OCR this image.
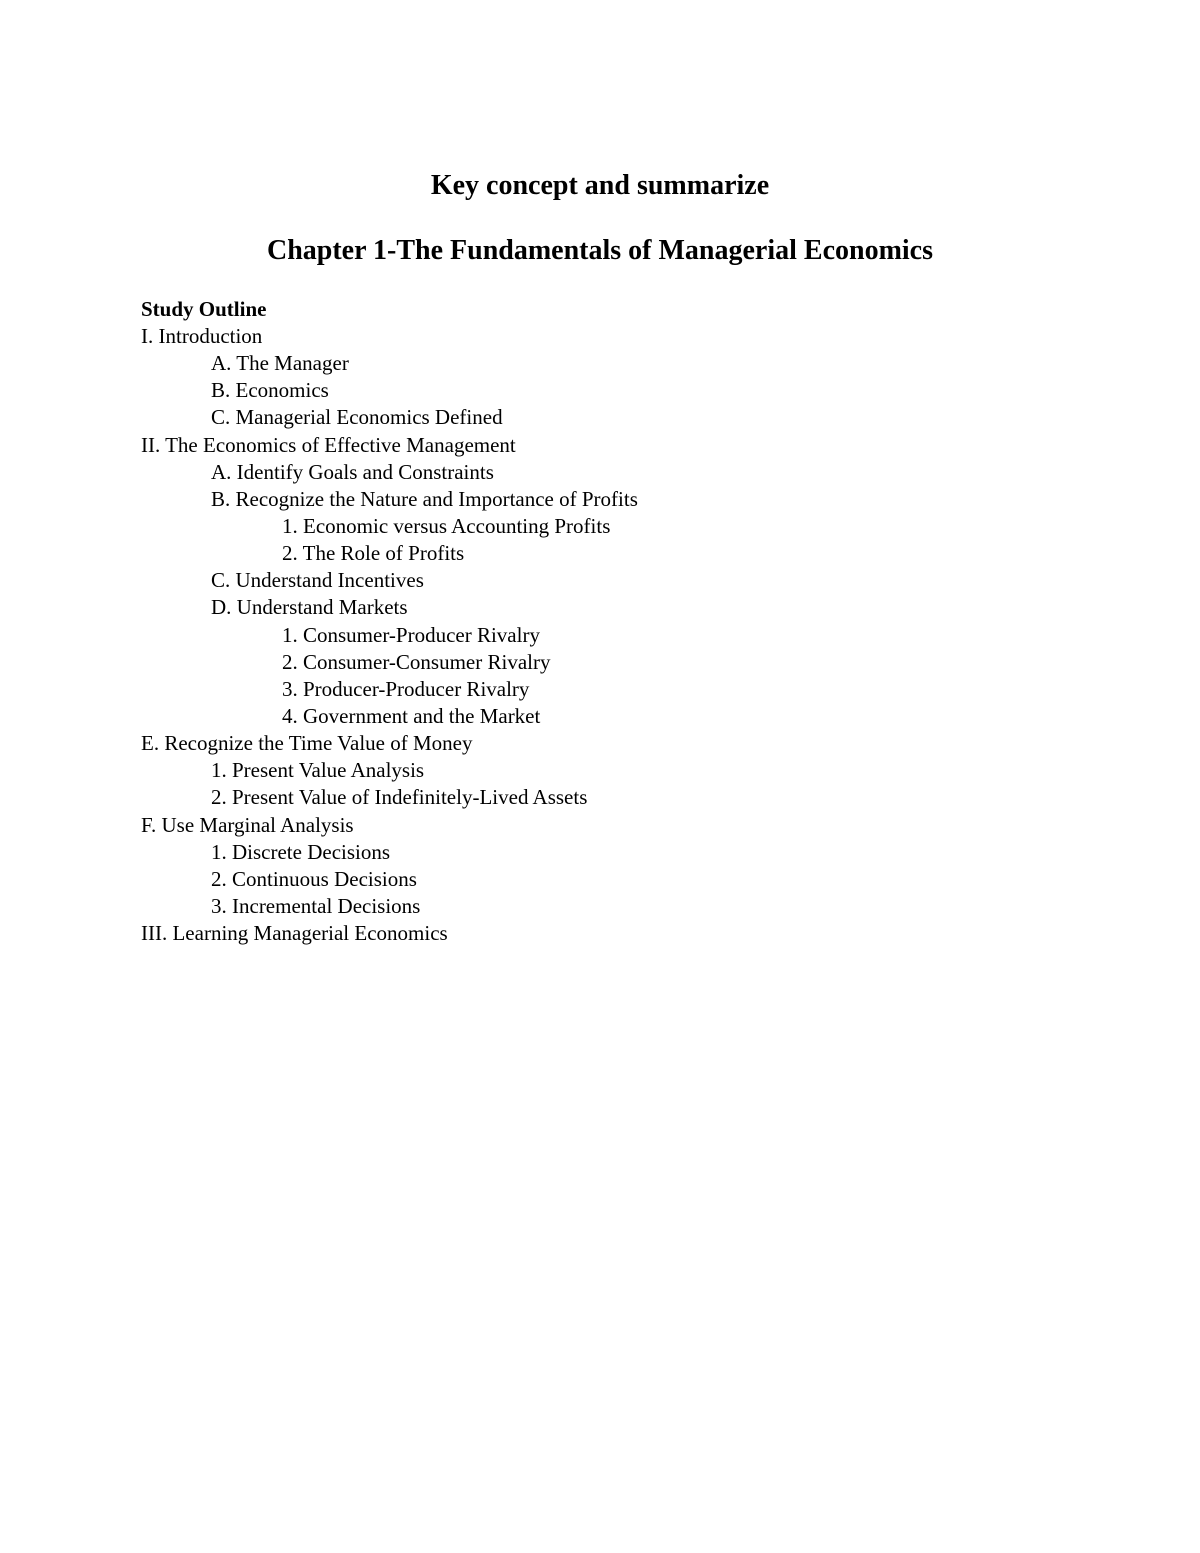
Key concept and summarize
Chapter 1-The Fundamentals of Managerial Economics
Study Outline
I. Introduction
A. The Manager
B. Economics
C. Managerial Economics Defined
II. The Economics of Effective Management
A. Identify Goals and Constraints
B. Recognize the Nature and Importance of Profits
1. Economic versus Accounting Profits
2. The Role of Profits
C. Understand Incentives
D. Understand Markets
1. Consumer-Producer Rivalry
2. Consumer-Consumer Rivalry
3. Producer-Producer Rivalry
4. Government and the Market
E. Recognize the Time Value of Money
1. Present Value Analysis
2. Present Value of Indefinitely-Lived Assets
F. Use Marginal Analysis
1. Discrete Decisions
2. Continuous Decisions
3. Incremental Decisions
III. Learning Managerial Economics
